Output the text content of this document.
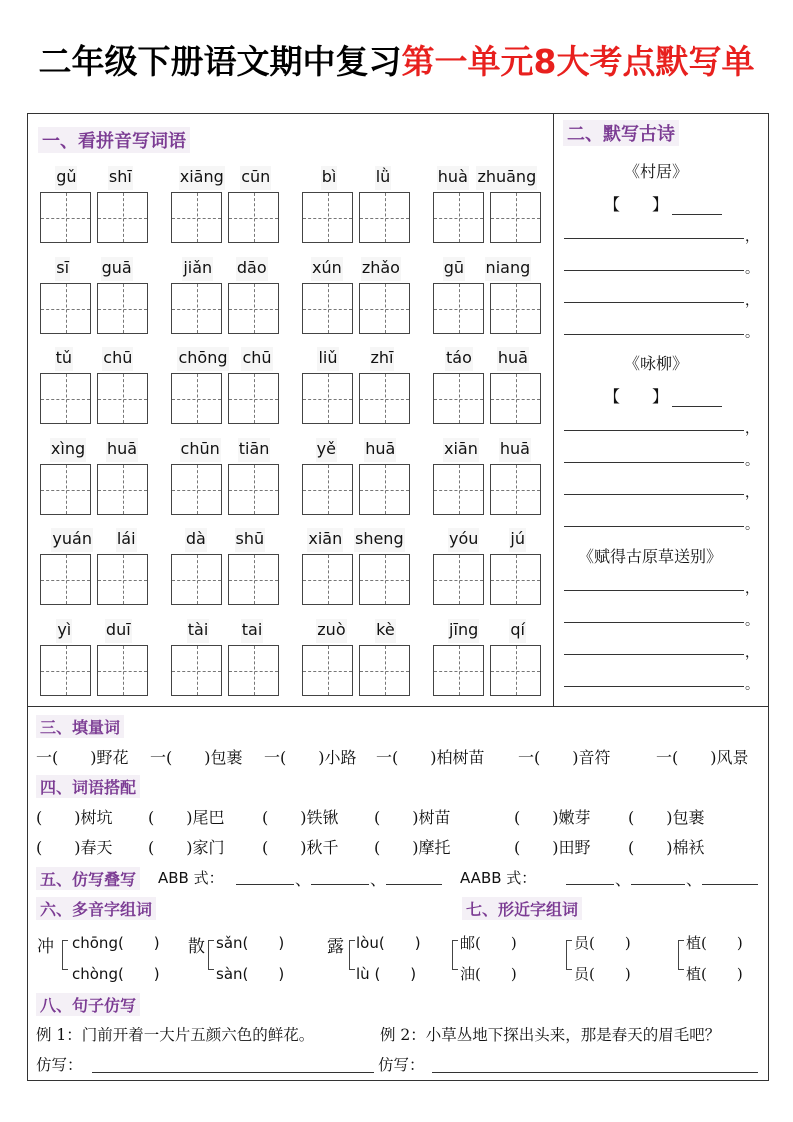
二年级下册语文期中复习第一单元8大考点默写单
一、看拼音写词语
gǔ shī	xiāng cūn	bì lǜ	huà zhuāng
sī guā	jiǎn dāo	xún zhǎo	gū niang
tǔ chū	chōng chū	liǔ zhī	táo huā
xìng huā	chūn tiān	yě huā	xiān huā
yuán lái	dà shū	xiān sheng	yóu jú
yì duī	tài tai	zuò kè	jīng qí
二、默写古诗
《村居》
【　　】
《咏柳》
【　　】
《赋得古原草送别》
，
。
，
。
，
。
，
。
，
。
，
。
三、填量词
一(　　)野花 一(　　)包裹 一(　　)小路 一(　　)柏树苗 一(　　)音符	一(　　)风景
四、词语搭配
(　　)树坑 (　　)尾巴 (　　)铁锹 (　　)树苗	(　　)嫩芽 (　　)包裹
(　　)春天 (　　)家门 (　　)秋千 (　　)摩托	(　　)田野 (　　)棉袄
五、仿写叠写 ABB 式：	、	、	AABB 式：	、	、
六、多音字组词
冲 chōng(　　)
chòng(　　)
散 sǎn(　　)
sàn(　　)
露 lòu(　　)
lù (　　)
七、形近字组词
邮(　　)
油(　　)
员(　　)
员(　　)
植(　　)
植(　　)
八、句子仿写
例 1：门前开着一大片五颜六色的鲜花。	例 2：小草丛地下探出头来，那是春天的眉毛吧？
仿写：	仿写：
